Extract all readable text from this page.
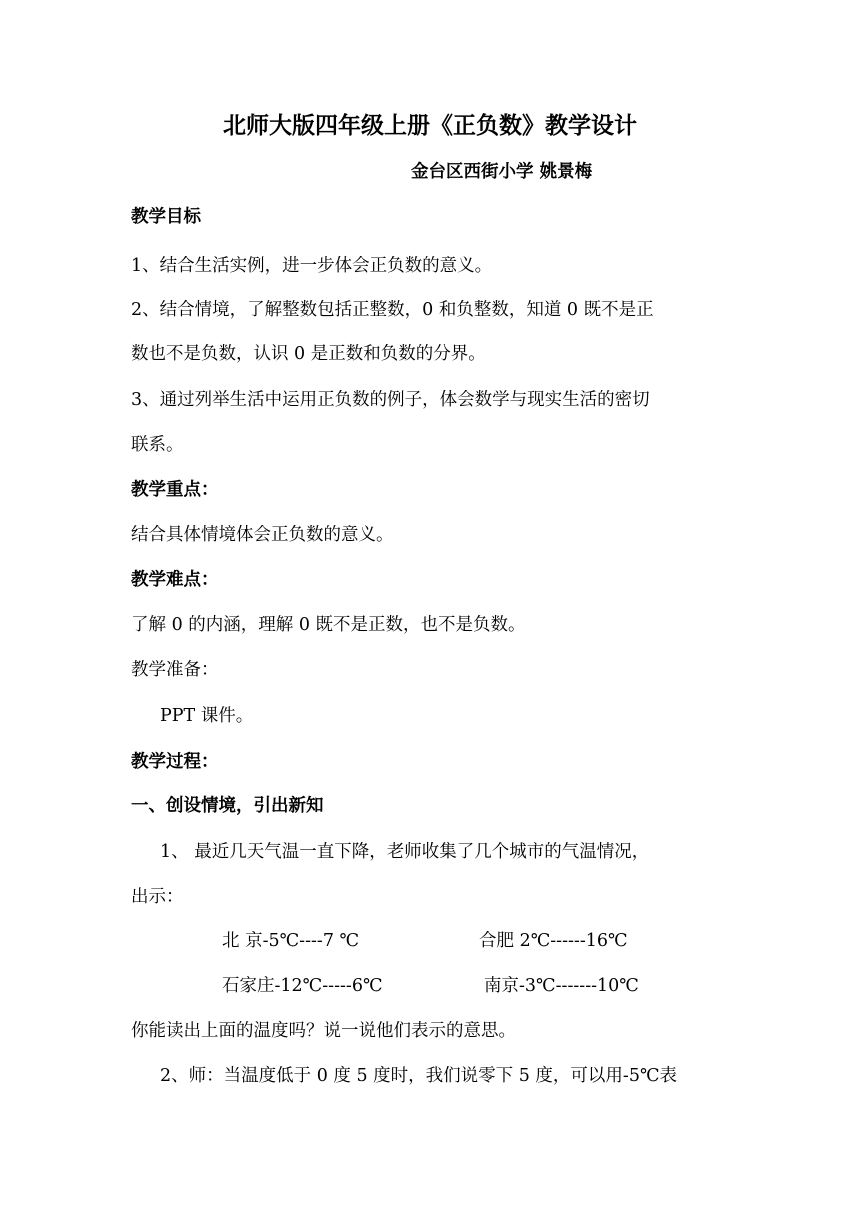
北师大版四年级上册《正负数》教学设计
金台区西街小学 姚景梅
教学目标
1、结合生活实例，进一步体会正负数的意义。
2、结合情境，了解整数包括正整数，0 和负整数，知道 0 既不是正
数也不是负数，认识 0 是正数和负数的分界。
3、通过列举生活中运用正负数的例子，体会数学与现实生活的密切
联系。
教学重点：
结合具体情境体会正负数的意义。
教学难点：
了解 0 的内涵，理解 0 既不是正数，也不是负数。
教学准备：
PPT 课件。
教学过程：
一、创设情境，引出新知
1、 最近几天气温一直下降，老师收集了几个城市的气温情况，
出示：
北 京-5℃----7 ℃	合肥 2℃------16℃
石家庄-12℃-----6℃	南京-3℃-------10℃
你能读出上面的温度吗？说一说他们表示的意思。
2、师：当温度低于 0 度 5 度时，我们说零下 5 度，可以用-5℃表
